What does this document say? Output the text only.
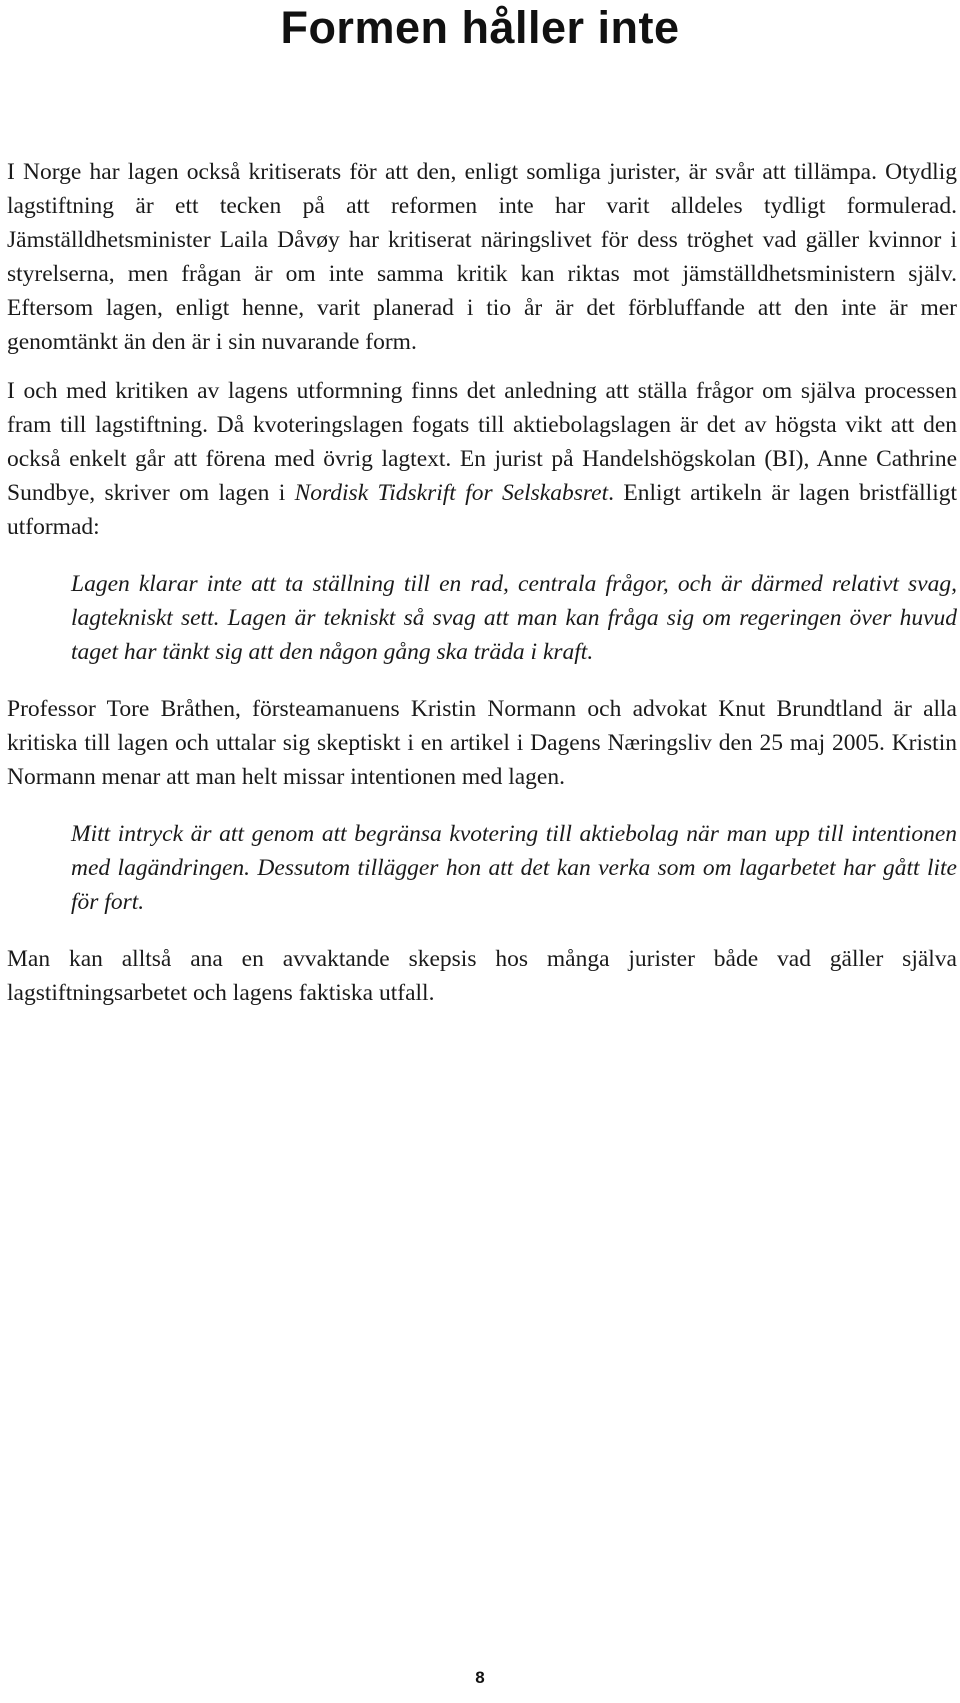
Formen håller inte

I Norge har lagen också kritiserats för att den, enligt somliga jurister, är svår att tillämpa. Otydlig lagstiftning är ett tecken på att reformen inte har varit alldeles tydligt formulerad. Jämställdhetsminister Laila Dåvøy har kritiserat näringslivet för dess tröghet vad gäller kvinnor i styrelserna, men frågan är om inte samma kritik kan riktas mot jämställdhetsministern själv. Eftersom lagen, enligt henne, varit planerad i tio år är det förbluffande att den inte är mer genomtänkt än den är i sin nuvarande form.

I och med kritiken av lagens utformning finns det anledning att ställa frågor om själva processen fram till lagstiftning. Då kvoteringslagen fogats till aktiebolagslagen är det av högsta vikt att den också enkelt går att förena med övrig lagtext. En jurist på Handelshögskolan (BI), Anne Cathrine Sundbye, skriver om lagen i Nordisk Tidskrift for Selskabsret. Enligt artikeln är lagen bristfälligt utformad:

Lagen klarar inte att ta ställning till en rad, centrala frågor, och är därmed relativt svag, lagtekniskt sett. Lagen är tekniskt så svag att man kan fråga sig om regeringen över huvud taget har tänkt sig att den någon gång ska träda i kraft.

Professor Tore Bråthen, försteamanuens Kristin Normann och advokat Knut Brundtland är alla kritiska till lagen och uttalar sig skeptiskt i en artikel i Dagens Næringsliv den 25 maj 2005. Kristin Normann menar att man helt missar intentionen med lagen.

Mitt intryck är att genom att begränsa kvotering till aktiebolag när man upp till intentionen med lagändringen. Dessutom tillägger hon att det kan verka som om lagarbetet har gått lite för fort.

Man kan alltså ana en avvaktande skepsis hos många jurister både vad gäller själva lagstiftningsarbetet och lagens faktiska utfall.

8
